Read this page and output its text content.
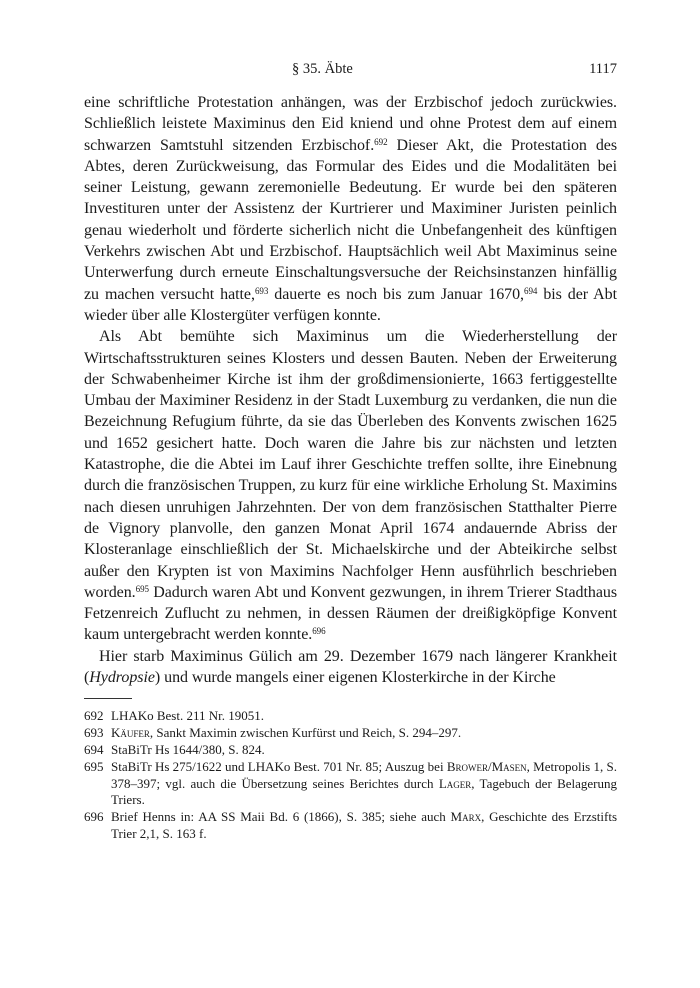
§ 35. Äbte	1117

eine schriftliche Protestation anhängen, was der Erzbischof jedoch zurückwies. Schließlich leistete Maximinus den Eid kniend und ohne Protest dem auf einem schwarzen Samtstuhl sitzenden Erzbischof.$^{692}$ Dieser Akt, die Protestation des Abtes, deren Zurückweisung, das Formular des Eides und die Modalitäten bei seiner Leistung, gewann zeremonielle Bedeutung. Er wurde bei den späteren Investituren unter der Assistenz der Kurtrierer und Maximiner Juristen peinlich genau wiederholt und förderte sicherlich nicht die Unbefangenheit des künftigen Verkehrs zwischen Abt und Erzbischof. Hauptsächlich weil Abt Maximinus seine Unterwerfung durch erneute Einschaltungsversuche der Reichsinstanzen hinfällig zu machen versucht hatte,$^{693}$ dauerte es noch bis zum Januar 1670,$^{694}$ bis der Abt wieder über alle Klostergüter verfügen konnte.

Als Abt bemühte sich Maximinus um die Wiederherstellung der Wirtschaftsstrukturen seines Klosters und dessen Bauten. Neben der Erweiterung der Schwabenheimer Kirche ist ihm der großdimensionierte, 1663 fertiggestellte Umbau der Maximiner Residenz in der Stadt Luxemburg zu verdanken, die nun die Bezeichnung Refugium führte, da sie das Überleben des Konvents zwischen 1625 und 1652 gesichert hatte. Doch waren die Jahre bis zur nächsten und letzten Katastrophe, die die Abtei im Lauf ihrer Geschichte treffen sollte, ihre Einebnung durch die französischen Truppen, zu kurz für eine wirkliche Erholung St. Maximins nach diesen unruhigen Jahrzehnten. Der von dem französischen Statthalter Pierre de Vignory planvolle, den ganzen Monat April 1674 andauernde Abriss der Klosteranlage einschließlich der St. Michaelskirche und der Abteikirche selbst außer den Krypten ist von Maximins Nachfolger Henn ausführlich beschrieben worden.$^{695}$ Dadurch waren Abt und Konvent gezwungen, in ihrem Trierer Stadthaus Fetzenreich Zuflucht zu nehmen, in dessen Räumen der dreißigköpfige Konvent kaum untergebracht werden konnte.$^{696}$

Hier starb Maximinus Gülich am 29. Dezember 1679 nach längerer Krankheit (Hydropsie) und wurde mangels einer eigenen Klosterkirche in der Kirche

692 LHAKo Best. 211 Nr. 19051.
693 Käufer, Sankt Maximin zwischen Kurfürst und Reich, S. 294–297.
694 StaBiTr Hs 1644/380, S. 824.
695 StaBiTr Hs 275/1622 und LHAKo Best. 701 Nr. 85; Auszug bei Brower/Masen, Metropolis 1, S. 378–397; vgl. auch die Übersetzung seines Berichtes durch Lager, Tagebuch der Belagerung Triers.
696 Brief Henns in: AA SS Maii Bd. 6 (1866), S. 385; siehe auch Marx, Geschichte des Erzstifts Trier 2,1, S. 163 f.
